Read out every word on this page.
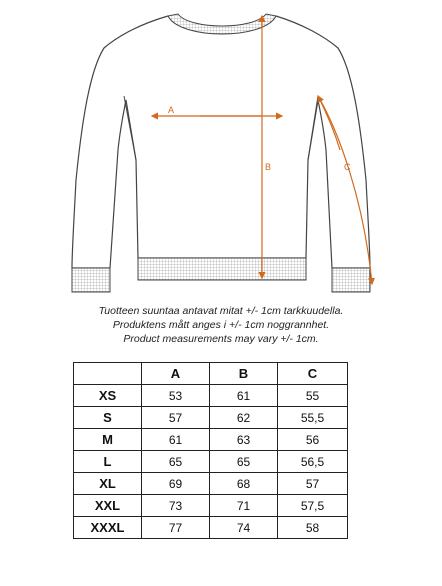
A
B	C
Tuotteen suuntaa antavat mitat +/- 1cm tarkkuudella.
Produktens mått anges i +/- 1cm noggrannhet.
Product measurements may vary +/- 1cm.
	A	B	C
XS	53	61	55
S	57	62	55,5
M	61	63	56
L	65	65	56,5
XL	69	68	57
XXL	73	71	57,5
XXXL	77	74	58
